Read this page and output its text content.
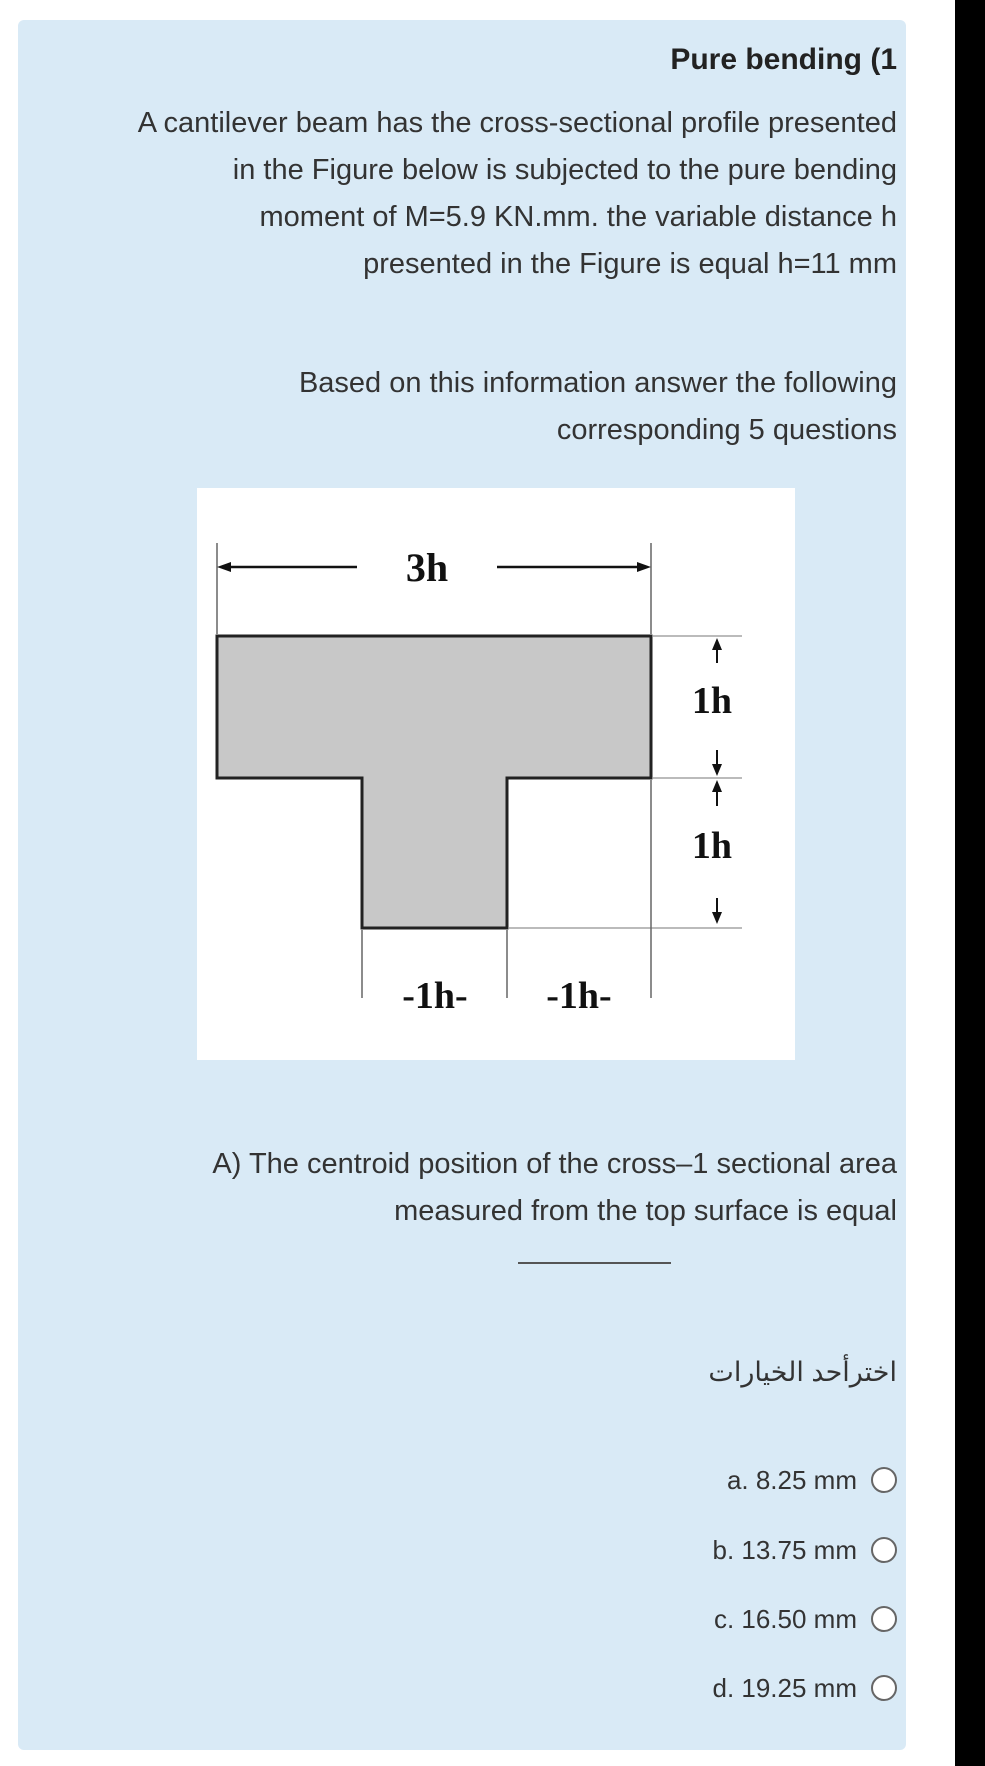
Pure bending (1
A cantilever beam has the cross-sectional profile presented in the Figure below is subjected to the pure bending moment of M=5.9 KN.mm. the variable distance h presented in the Figure is equal h=11 mm
Based on this information answer the following corresponding 5 questions
3h
1h
1h
-1h- -1h-
A) The centroid position of the cross–1 sectional area measured from the top surface is equal
اخترأحد الخيارات
a. 8.25 mm
b. 13.75 mm
c. 16.50 mm
d. 19.25 mm
